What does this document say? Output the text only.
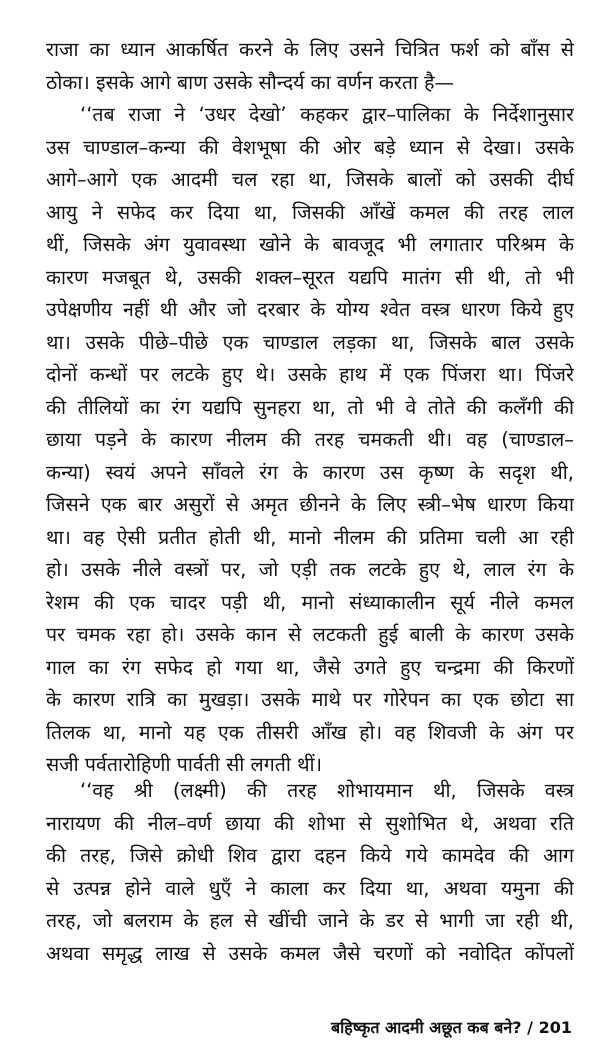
राजा का ध्यान आकर्षित करने के लिए उसने चित्रित फर्श को बाँस से
ठोका। इसके आगे बाण उसके सौन्दर्य का वर्णन करता है—
‘‘तब राजा ने ‘उधर देखो’ कहकर द्वार–पालिका के निर्देशानुसार
उस चाण्डाल–कन्या की वेशभूषा की ओर बड़े ध्यान से देखा। उसके
आगे–आगे एक आदमी चल रहा था, जिसके बालों को उसकी दीर्घ
आयु ने सफेद कर दिया था, जिसकी आँखें कमल की तरह लाल
थीं, जिसके अंग युवावस्था खोने के बावजूद भी लगातार परिश्रम के
कारण मजबूत थे, उसकी शक्ल–सूरत यद्यपि मातंग सी थी, तो भी
उपेक्षणीय नहीं थी और जो दरबार के योग्य श्वेत वस्त्र धारण किये हुए
था। उसके पीछे–पीछे एक चाण्डाल लड़का था, जिसके बाल उसके
दोनों कन्धों पर लटके हुए थे। उसके हाथ में एक पिंजरा था। पिंजरे
की तीलियों का रंग यद्यपि सुनहरा था, तो भी वे तोते की कलँगी की
छाया पड़ने के कारण नीलम की तरह चमकती थी। वह (चाण्डाल–
कन्या) स्वयं अपने साँवले रंग के कारण उस कृष्ण के सदृश थी,
जिसने एक बार असुरों से अमृत छीनने के लिए स्त्री–भेष धारण किया
था। वह ऐसी प्रतीत होती थी, मानो नीलम की प्रतिमा चली आ रही
हो। उसके नीले वस्त्रों पर, जो एड़ी तक लटके हुए थे, लाल रंग के
रेशम की एक चादर पड़ी थी, मानो संध्याकालीन सूर्य नीले कमल
पर चमक रहा हो। उसके कान से लटकती हुई बाली के कारण उसके
गाल का रंग सफेद हो गया था, जैसे उगते हुए चन्द्रमा की किरणों
के कारण रात्रि का मुखड़ा। उसके माथे पर गोरेपन का एक छोटा सा
तिलक था, मानो यह एक तीसरी आँख हो। वह शिवजी के अंग पर
सजी पर्वतारोहिणी पार्वती सी लगती थीं।
‘‘वह श्री (लक्ष्मी) की तरह शोभायमान थी, जिसके वस्त्र
नारायण की नील–वर्ण छाया की शोभा से सुशोभित थे, अथवा रति
की तरह, जिसे क्रोधी शिव द्वारा दहन किये गये कामदेव की आग
से उत्पन्न होने वाले धुएँ ने काला कर दिया था, अथवा यमुना की
तरह, जो बलराम के हल से खींची जाने के डर से भागी जा रही थी,
अथवा समृद्ध लाख से उसके कमल जैसे चरणों को नवोदित कोंपलों
बहिष्कृत आदमी अछूत कब बने? / 201
